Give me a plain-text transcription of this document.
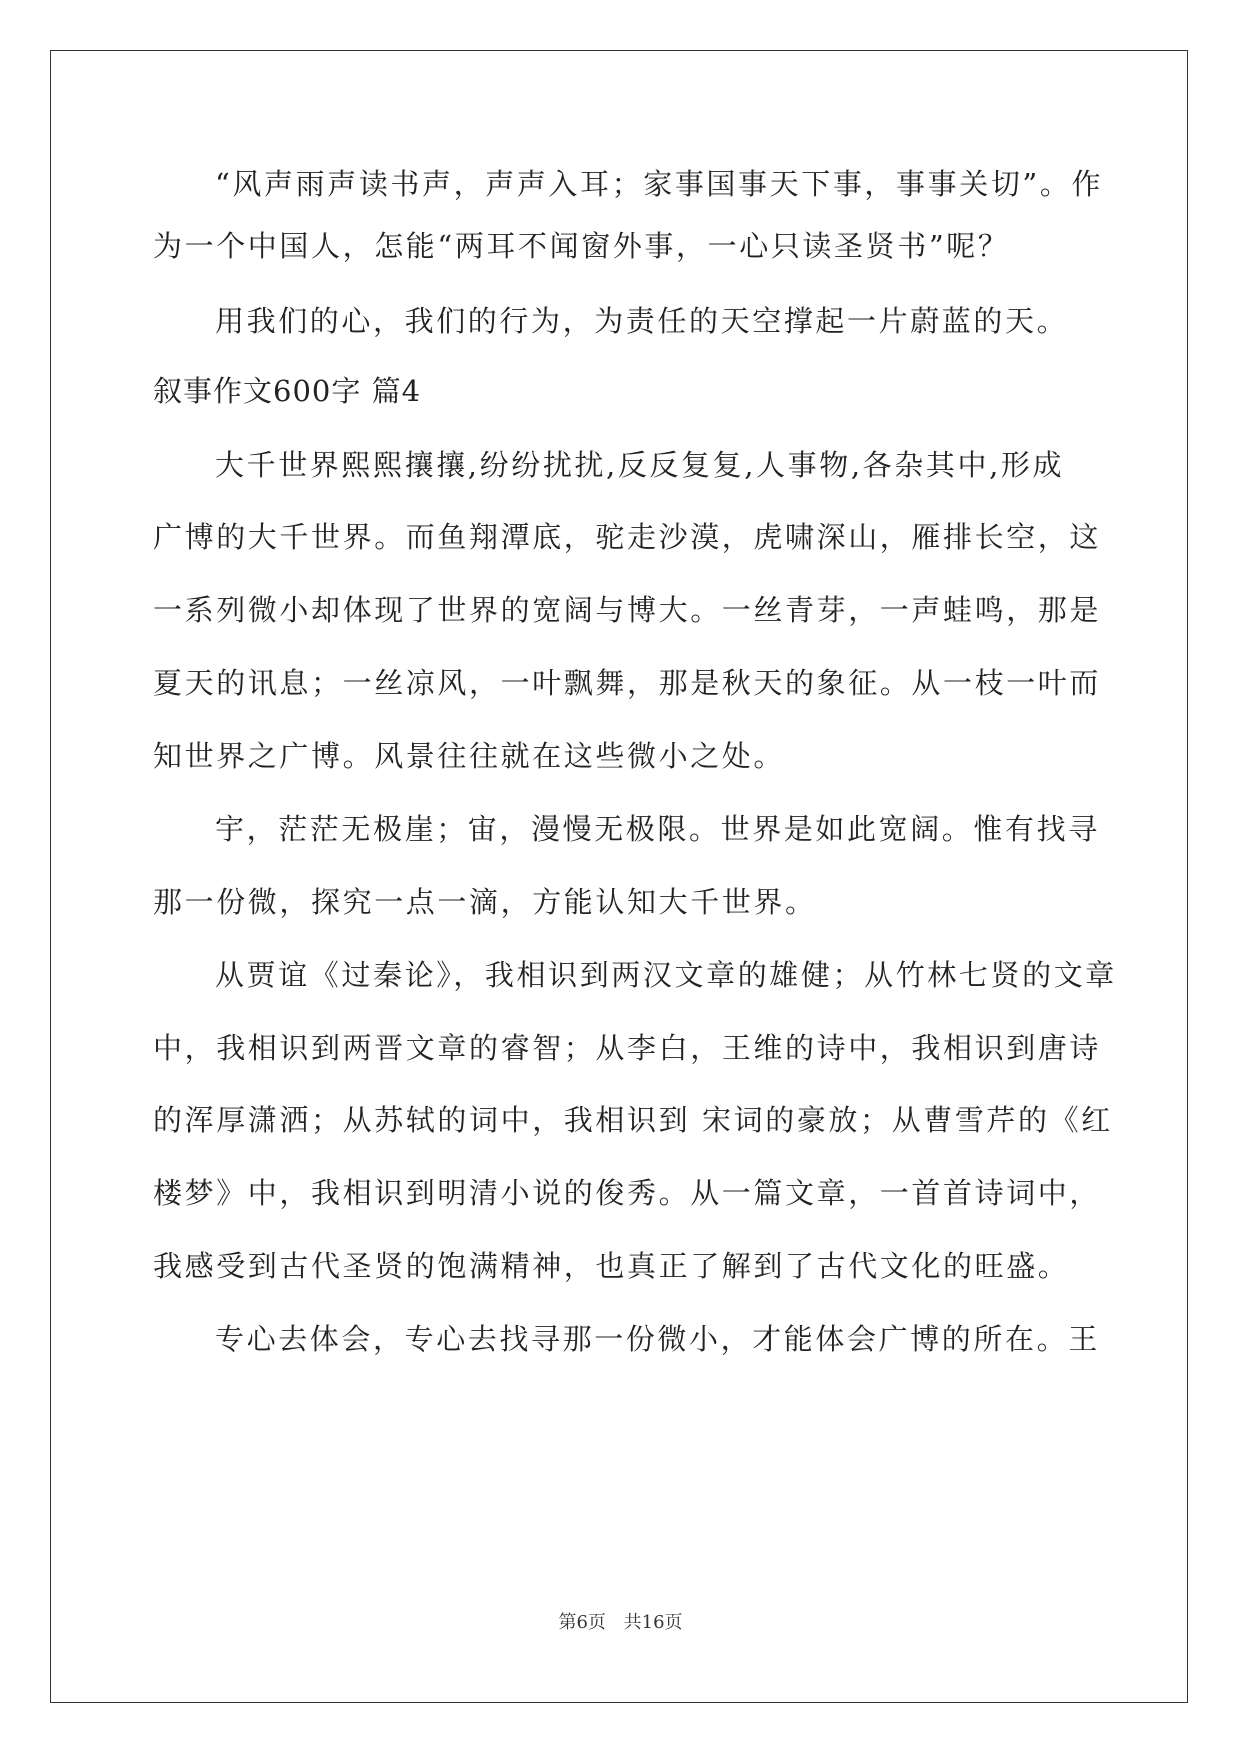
“风声雨声读书声，声声入耳；家事国事天下事，事事关切”。作
为一个中国人，怎能“两耳不闻窗外事，一心只读圣贤书”呢？
用我们的心，我们的行为，为责任的天空撑起一片蔚蓝的天。
叙事作文600字 篇4
大千世界熙熙攘攘,纷纷扰扰,反反复复,人事物,各杂其中,形成
广博的大千世界。而鱼翔潭底，驼走沙漠，虎啸深山，雁排长空，这
一系列微小却体现了世界的宽阔与博大。一丝青芽，一声蛙鸣，那是
夏天的讯息；一丝凉风，一叶飘舞，那是秋天的象征。从一枝一叶而
知世界之广博。风景往往就在这些微小之处。
宇，茫茫无极崖；宙，漫慢无极限。世界是如此宽阔。惟有找寻
那一份微，探究一点一滴，方能认知大千世界。
从贾谊《过秦论》，我相识到两汉文章的雄健；从竹林七贤的文章
中，我相识到两晋文章的睿智；从李白，王维的诗中，我相识到唐诗
的浑厚潇洒；从苏轼的词中，我相识到 宋词的豪放；从曹雪芹的《红
楼梦》中，我相识到明清小说的俊秀。从一篇文章，一首首诗词中，
我感受到古代圣贤的饱满精神，也真正了解到了古代文化的旺盛。
专心去体会，专心去找寻那一份微小，才能体会广博的所在。王
第6页 共16页
